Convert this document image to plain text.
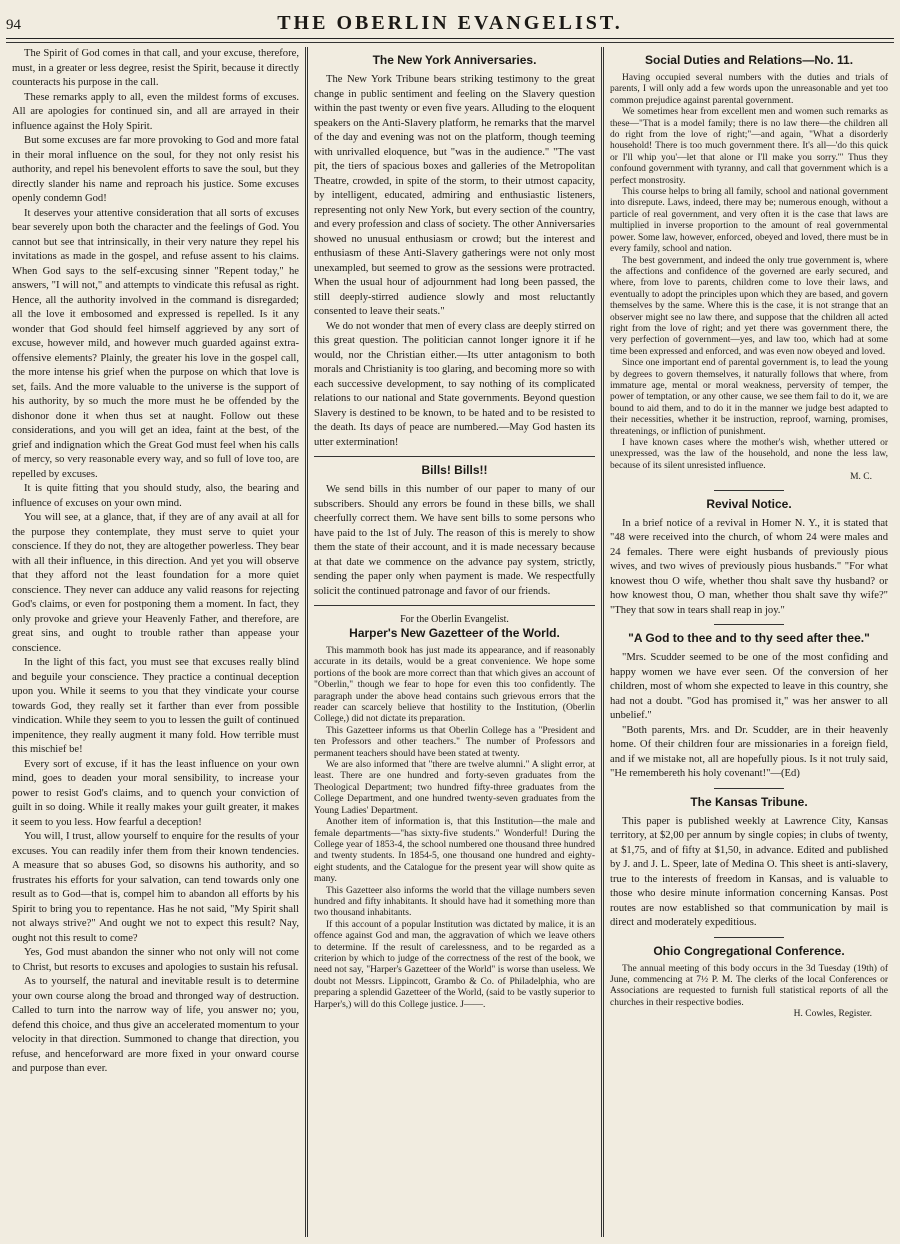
94	THE OBERLIN EVANGELIST.

The Spirit of God comes in that call, and your excuse, therefore, must, in a greater or less degree, resist the Spirit, because it directly counteracts his purpose in the call.

These remarks apply to all, even the mildest forms of excuses. All are apologies for continued sin, and all are arrayed in their influence against the Holy Spirit.

But some excuses are far more provoking to God and more fatal in their moral influence on the soul, for they not only resist his authority, and repel his benevolent efforts to save the soul, but they directly slander his name and reproach his justice. Some excuses openly condemn God!

It deserves your attentive consideration that all sorts of excuses bear severely upon both the character and the feelings of God. You cannot but see that intrinsically, in their very nature they repel his invitations as made in the gospel, and refuse assent to his claims. When God says to the self-excusing sinner "Repent today," he answers, "I will not," and attempts to vindicate this refusal as right. Hence, all the authority involved in the command is disregarded; all the love it embosomed and expressed is repelled. Is it any wonder that God should feel himself aggrieved by any sort of excuse, however mild, and however much guarded against extra-offensive elements? Plainly, the greater his love in the gospel call, the more intense his grief when the purpose on which that love is set, fails. And the more valuable to the universe is the support of his authority, by so much the more must he be offended by the dishonor done it when thus set at naught. Follow out these considerations, and you will get an idea, faint at the best, of the grief and indignation which the Great God must feel when his calls of mercy, so very reasonable every way, and so full of love too, are repelled by excuses.

It is quite fitting that you should study, also, the bearing and influence of excuses on your own mind.

You will see, at a glance, that, if they are of any avail at all for the purpose they contemplate, they must serve to quiet your conscience. If they do not, they are altogether powerless. They bear with all their influence, in this direction. And yet you will observe that they afford not the least foundation for a more quiet conscience. They never can adduce any valid reasons for rejecting God's claims, or even for postponing them a moment. In fact, they only provoke and grieve your Heavenly Father, and therefore, are great sins, and ought to trouble rather than appease your conscience.

In the light of this fact, you must see that excuses really blind and beguile your conscience. They practice a continual deception upon you. While it seems to you that they vindicate your course towards God, they really set it farther than ever from possible vindication. While they seem to you to lessen the guilt of continued impenitence, they really augment it many fold. How terrible must this mischief be!

Every sort of excuse, if it has the least influence on your own mind, goes to deaden your moral sensibility, to increase your power to resist God's claims, and to quench your conviction of guilt in so doing. While it really makes your guilt greater, it makes it seem to you less. How fearful a deception!

You will, I trust, allow yourself to enquire for the results of your excuses. You can readily infer them from their known tendencies. A measure that so abuses God, so disowns his authority, and so frustrates his efforts for your salvation, can tend towards only one result as to God—that is, compel him to abandon all efforts by his Spirit to bring you to repentance. Has he not said, "My Spirit shall not always strive?" And ought we not to expect this result? Nay, ought not this result to come?

Yes, God must abandon the sinner who not only will not come to Christ, but resorts to excuses and apologies to sustain his refusal.

As to yourself, the natural and inevitable result is to determine your own course along the broad and thronged way of destruction. Called to turn into the narrow way of life, you answer no; you, defend this choice, and thus give an accelerated momentum to your velocity in that direction. Summoned to change that direction, you refuse, and henceforward are more fixed in your onward course and purpose than ever.

The New York Anniversaries.

The New York Tribune bears striking testimony to the great change in public sentiment and feeling on the Slavery question within the past twenty or even five years. Alluding to the eloquent speakers on the Anti-Slavery platform, he remarks that the marvel of the day and evening was not on the platform, though teeming with unrivalled eloquence, but "was in the audience." "The vast pit, the tiers of spacious boxes and galleries of the Metropolitan Theatre, crowded, in spite of the storm, to their utmost capacity, by intelligent, educated, admiring and enthusiastic listeners, representing not only New York, but every section of the country, and every profession and class of society. The other Anniversaries showed no unusual enthusiasm or crowd; but the interest and enthusiasm of these Anti-Slavery gatherings were not only most unexampled, but seemed to grow as the sessions were protracted. When the usual hour of adjournment had long been passed, the still deeply-stirred audience slowly and most reluctantly consented to leave their seats."

We do not wonder that men of every class are deeply stirred on this great question. The politician cannot longer ignore it if he would, nor the Christian either.—Its utter antagonism to both morals and Christianity is too glaring, and becoming more so with each successive development, to say nothing of its complicated relations to our national and State governments. Beyond question Slavery is destined to be known, to be hated and to be resisted to the death. Its days of peace are numbered.—May God hasten its utter extermination!

Bills! Bills!!

We send bills in this number of our paper to many of our subscribers. Should any errors be found in these bills, we shall cheerfully correct them. We have sent bills to some persons who have paid to the 1st of July. The reason of this is merely to show them the state of their account, and it is made necessary because at that date we commence on the advance pay system, strictly, sending the paper only when payment is made. We respectfully solicit the continued patronage and favor of our friends.

For the Oberlin Evangelist.
Harper's New Gazetteer of the World.

This mammoth book has just made its appearance, and if reasonably accurate in its details, would be a great convenience. We hope some portions of the book are more correct than that which gives an account of "Oberlin," though we fear to hope for even this too confidently. The paragraph under the above head contains such grievous errors that the reader can scarcely believe that hostility to the Institution, (Oberlin College,) did not dictate its preparation.

This Gazetteer informs us that Oberlin College has a "President and ten Professors and other teachers." The number of Professors and permanent teachers should have been stated at twenty.

We are also informed that "there are twelve alumni." A slight error, at least. There are one hundred and forty-seven graduates from the Theological Department; two hundred fifty-three graduates from the College Department, and one hundred twenty-seven graduates from the Young Ladies' Department.

Another item of information is, that this Institution—the male and female departments—"has sixty-five students." Wonderful! During the College year of 1853-4, the school numbered one thousand three hundred and twenty students. In 1854-5, one thousand one hundred and eighty-eight students, and the Catalogue for the present year will show quite as many.

This Gazetteer also informs the world that the village numbers seven hundred and fifty inhabitants. It should have had it something more than two thousand inhabitants.

If this account of a popular Institution was dictated by malice, it is an offence against God and man, the aggravation of which we leave others to determine. If the result of carelessness, and to be regarded as a criterion by which to judge of the correctness of the rest of the book, we need not say, "Harper's Gazetteer of the World" is worse than useless. We doubt not Messrs. Lippincott, Grambo & Co. of Philadelphia, who are preparing a splendid Gazetteer of the World, (said to be vastly superior to Harper's,) will do this College justice. J——.

Social Duties and Relations—No. 11.

Having occupied several numbers with the duties and trials of parents, I will only add a few words upon the unreasonable and yet too common prejudice against parental government.

We sometimes hear from excellent men and women such remarks as these—"That is a model family; there is no law there—the children all do right from the love of right;"—and again, "What a disorderly household! There is too much government there. It's all—'do this quick or I'll whip you'—let that alone or I'll make you sorry.'" Thus they confound government with tyranny, and call that government which is a perfect monstrosity.

This course helps to bring all family, school and national government into disrepute. Laws, indeed, there may be; numerous enough, without a particle of real government, and very often it is the case that laws are multiplied in inverse proportion to the amount of real governmental power. Some law, however, enforced, obeyed and loved, there must be in every family, school and nation.

The best government, and indeed the only true government is, where the affections and confidence of the governed are early secured, and where, from love to parents, children come to love their laws, and eventually to adopt the principles upon which they are based, and govern themselves by the same. Where this is the case, it is not strange that an observer might see no law there, and suppose that the children all acted right from the love of right; and yet there was government there, the very perfection of government—yes, and law too, which had at some time been expressed and enforced, and was even now obeyed and loved.

Since one important end of parental government is, to lead the young by degrees to govern themselves, it naturally follows that where, from immature age, mental or moral weakness, perversity of temper, the power of temptation, or any other cause, we see them fail to do it, we are bound to aid them, and to do it in the manner we judge best adapted to their necessities, whether it be instruction, reproof, warning, promises, threatenings, or infliction of punishment.

I have known cases where the mother's wish, whether uttered or unexpressed, was the law of the household, and none the less law, because of its silent unresisted influence.

M. C.

Revival Notice.

In a brief notice of a revival in Homer N. Y., it is stated that "48 were received into the church, of whom 24 were males and 24 females. There were eight husbands of previously pious wives, and two wives of previously pious husbands." "For what knowest thou O wife, whether thou shalt save thy husband? or how knowest thou, O man, whether thou shalt save thy wife?" "They that sow in tears shall reap in joy."

"A God to thee and to thy seed after thee."

"Mrs. Scudder seemed to be one of the most confiding and happy women we have ever seen. Of the conversion of her children, most of whom she expected to leave in this country, she had not a doubt. "God has promised it," was her answer to all unbelief."

"Both parents, Mrs. and Dr. Scudder, are in their heavenly home. Of their children four are missionaries in a foreign field, and if we mistake not, all are hopefully pious. Is it not truly said, "He remembereth his holy covenant!"—(Ed)

The Kansas Tribune.

This paper is published weekly at Lawrence City, Kansas territory, at $2,00 per annum by single copies; in clubs of twenty, at $1,75, and of fifty at $1,50, in advance. Edited and published by J. and J. L. Speer, late of Medina O. This sheet is anti-slavery, true to the interests of freedom in Kansas, and is valuable to those who desire minute information concerning Kansas. Post routes are now established so that communication by mail is direct and moderately expeditious.

Ohio Congregational Conference.

The annual meeting of this body occurs in the 3d Tuesday (19th) of June, commencing at 7½ P. M. The clerks of the local Conferences or Associations are requested to furnish full statistical reports of all the churches in their respective bodies.

H. Cowles, Register.
